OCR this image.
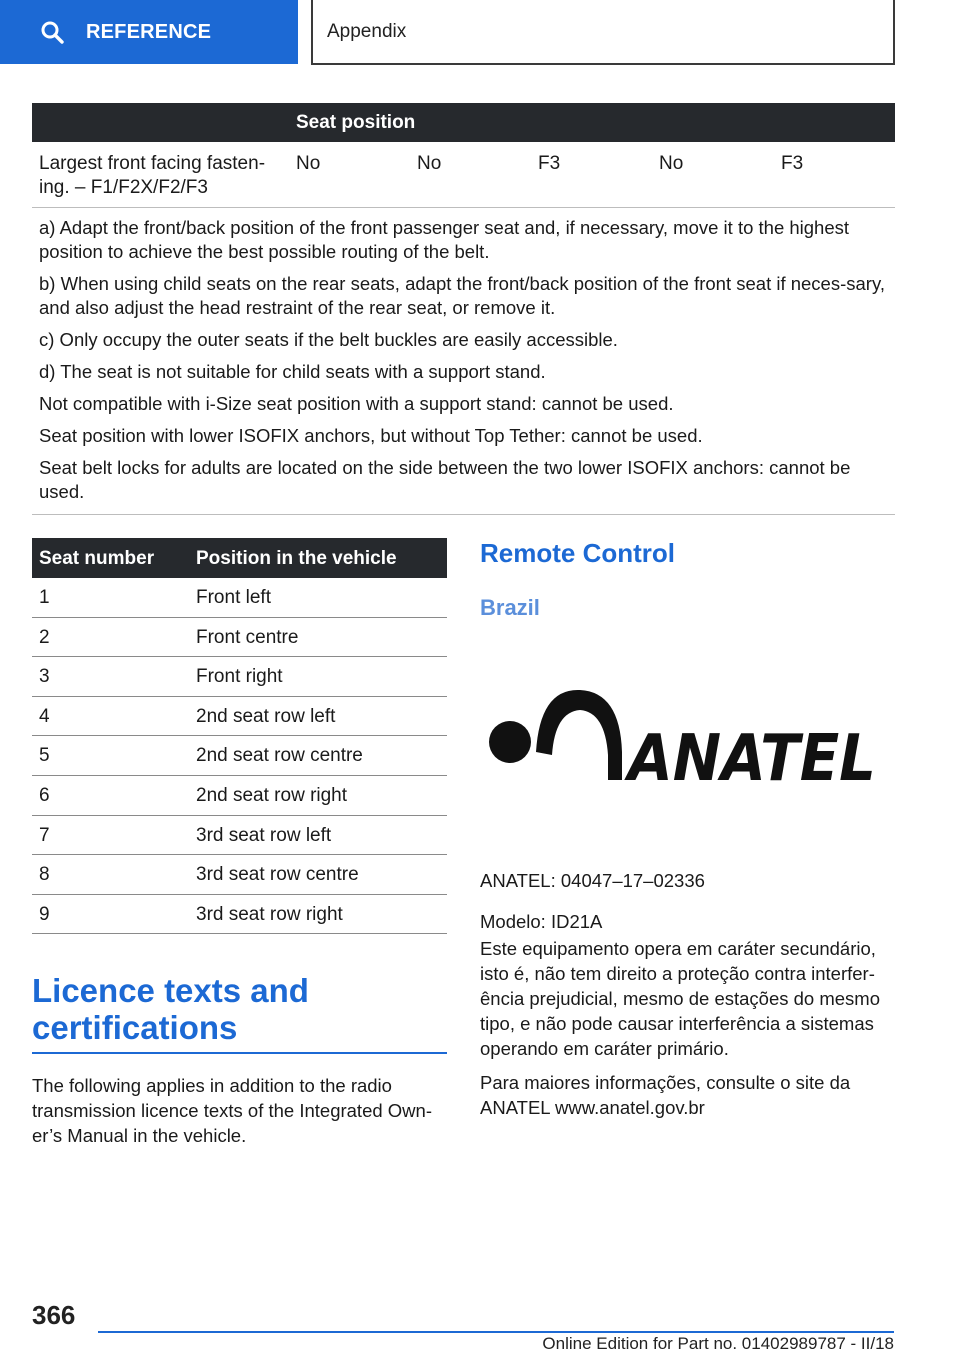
REFERENCE	Appendix
Seat position
Largest front facing fasten-ing. – F1/F2X/F2/F3
No	No	F3	No	F3

a) Adapt the front/back position of the front passenger seat and, if necessary, move it to the highest position to achieve the best possible routing of the belt.

b) When using child seats on the rear seats, adapt the front/back position of the front seat if neces-sary, and also adjust the head restraint of the rear seat, or remove it.

c) Only occupy the outer seats if the belt buckles are easily accessible.

d) The seat is not suitable for child seats with a support stand.

Not compatible with i-Size seat position with a support stand: cannot be used.

Seat position with lower ISOFIX anchors, but without Top Tether: cannot be used.

Seat belt locks for adults are located on the side between the two lower ISOFIX anchors: cannot be used.

Seat number Position in the vehicle
1	Front left
2	Front centre
3	Front right
4	2nd seat row left
5	2nd seat row centre
6	2nd seat row right
7	3rd seat row left
8	3rd seat row centre
9	3rd seat row right
Licence texts and certifications

The following applies in addition to the radio transmission licence texts of the Integrated Own-er’s Manual in the vehicle.

Remote Control
Brazil
ANATEL

ANATEL: 04047–17–02336

Modelo: ID21A

Este equipamento opera em caráter secundário, isto é, não tem direito a proteção contra interfer-ência prejudicial, mesmo de estações do mesmo tipo, e não pode causar interferência a sistemas operando em caráter primário.

Para maiores informações, consulte o site da ANATEL www.anatel.gov.br

366
Online Edition for Part no. 01402989787 - II/18
